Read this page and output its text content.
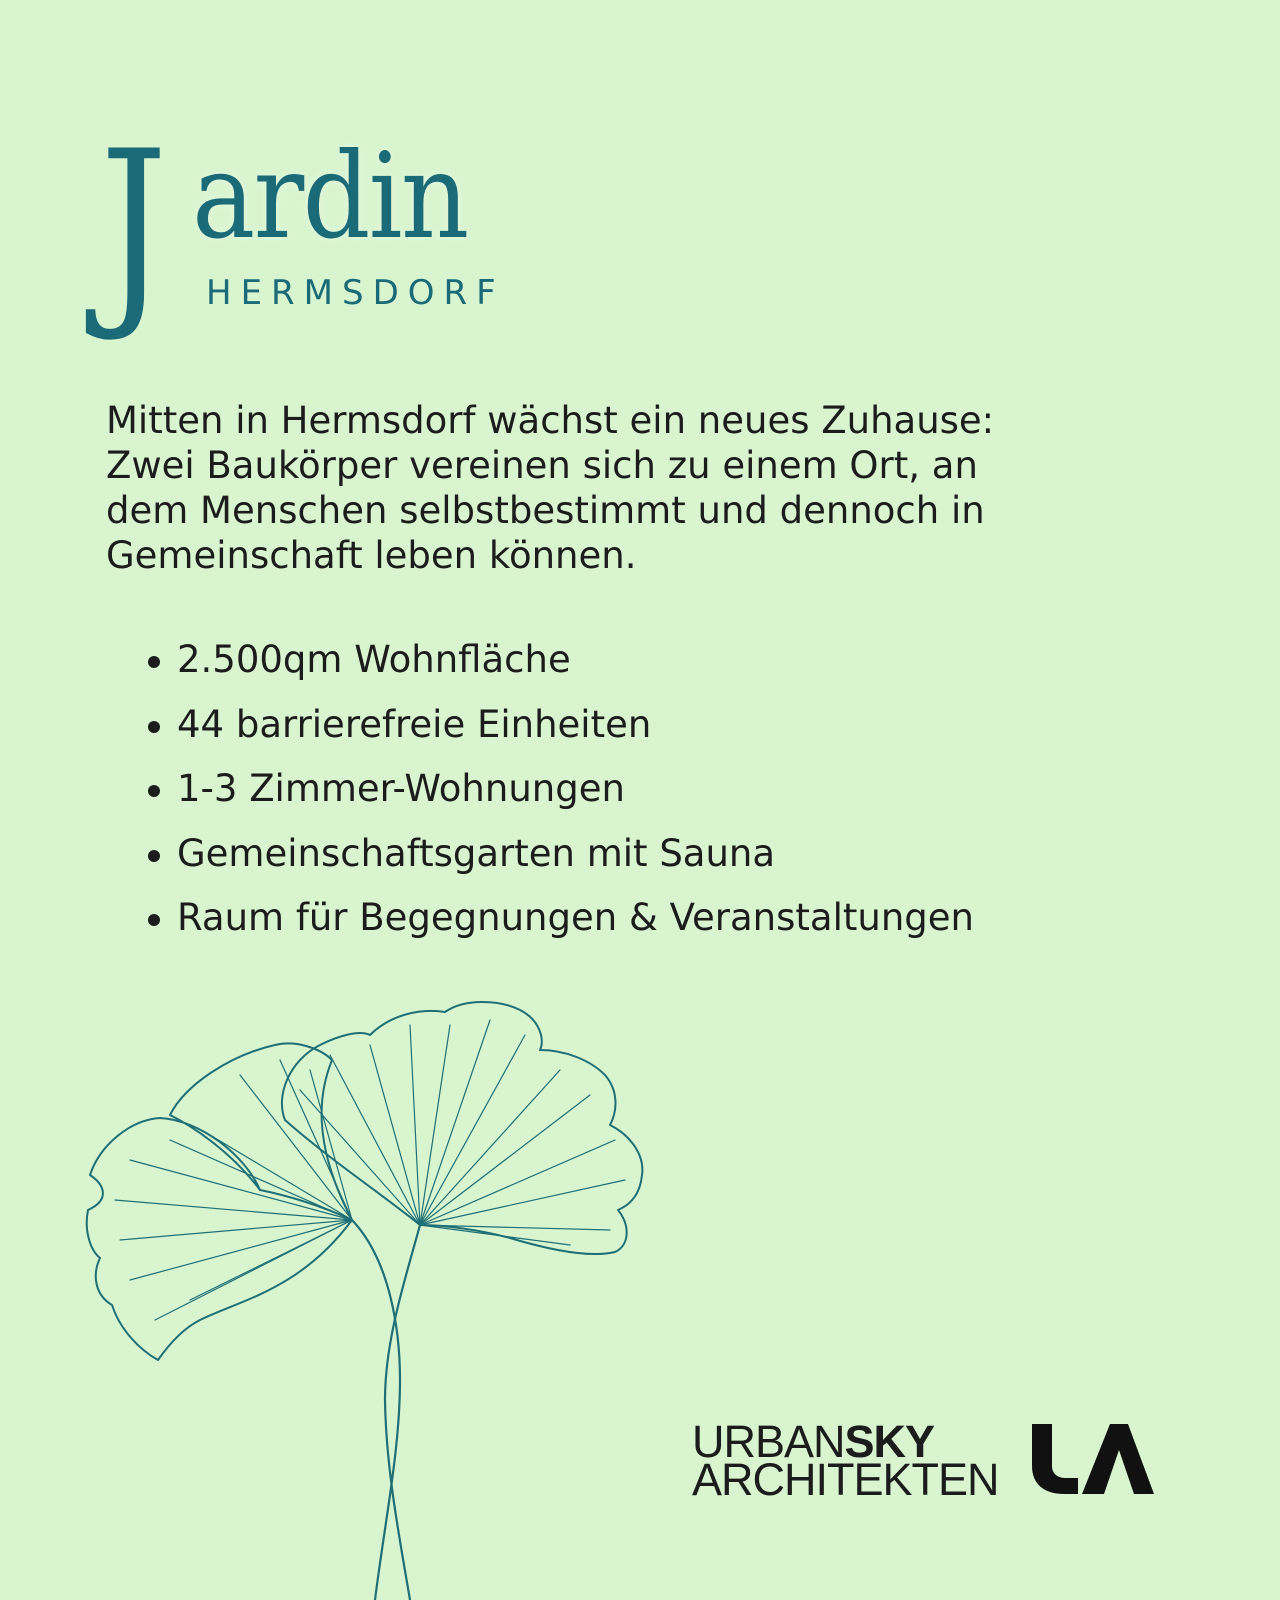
J ardin
HERMSDORF

Mitten in Hermsdorf wächst ein neues Zuhause:
Zwei Baukörper vereinen sich zu einem Ort, an
dem Menschen selbstbestimmt und dennoch in
Gemeinschaft leben können.

2.500qm Wohnfläche
44 barrierefreie Einheiten
1-3 Zimmer-Wohnungen
Gemeinschaftsgarten mit Sauna
Raum für Begegnungen & Veranstaltungen
URBANSKY
ARCHITEKTEN
